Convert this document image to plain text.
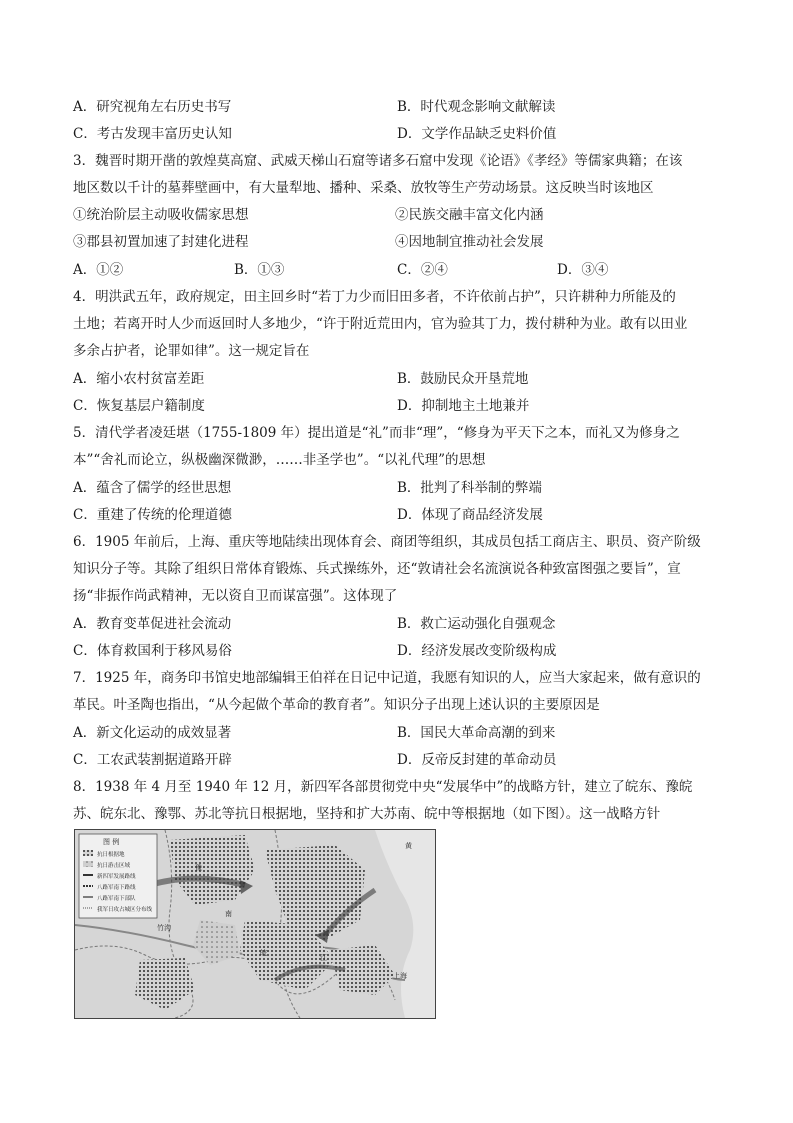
A．研究视角左右历史书写	B．时代观念影响文献解读
C．考古发现丰富历史认知	D．文学作品缺乏史料价值
3．魏晋时期开凿的敦煌莫高窟、武威天梯山石窟等诸多石窟中发现《论语》《孝经》等儒家典籍；在该
地区数以千计的墓葬壁画中，有大量犁地、播种、采桑、放牧等生产劳动场景。这反映当时该地区
①统治阶层主动吸收儒家思想	②民族交融丰富文化内涵
③郡县初置加速了封建化进程	④因地制宜推动社会发展
A．①②	B．①③	C．②④	D．③④
4．明洪武五年，政府规定，田主回乡时“若丁力少而旧田多者，不许依前占护”，只许耕种力所能及的
土地；若离开时人少而返回时人多地少，“许于附近荒田内，官为验其丁力，拨付耕种为业。敢有以田业
多余占护者，论罪如律”。这一规定旨在
A．缩小农村贫富差距	B．鼓励民众开垦荒地
C．恢复基层户籍制度	D．抑制地主土地兼并
5．清代学者凌廷堪（1755-1809 年）提出道是“礼”而非“理”，“修身为平天下之本，而礼又为修身之
本”“舍礼而论立，纵极幽深微渺，……非圣学也”。“以礼代理”的思想
A．蕴含了儒学的经世思想	B．批判了科举制的弊端
C．重建了传统的伦理道德	D．体现了商品经济发展
6．1905 年前后，上海、重庆等地陆续出现体育会、商团等组织，其成员包括工商店主、职员、资产阶级
知识分子等。其除了组织日常体育锻炼、兵式操练外，还“敦请社会名流演说各种致富图强之要旨”，宣
扬“非振作尚武精神，无以资自卫而谋富强”。这体现了
A．教育变革促进社会流动	B．救亡运动强化自强观念
C．体育救国利于移风易俗	D．经济发展改变阶级构成
7．1925 年，商务印书馆史地部编辑王伯祥在日记中记道，我愿有知识的人，应当大家起来，做有意识的
革民。叶圣陶也指出，“从今起做个革命的教育者”。知识分子出现上述认识的主要原因是
A．新文化运动的成效显著	B．国民大革命高潮的到来
C．工农武装割据道路开辟	D．反帝反封建的革命动员
8．1938 年 4 月至 1940 年 12 月，新四军各部贯彻党中央“发展华中”的战略方针，建立了皖东、豫皖
苏、皖东北、豫鄂、苏北等抗日根据地，坚持和扩大苏南、皖中等根据地（如下图）。这一战略方针
图 例
抗日根据地
抗日游击区域
新四军发展路线
八路军南下路线
八路军南下部队
我军日攻占城区分布线
竹沟
上海
黄
南
江
豫
皖
